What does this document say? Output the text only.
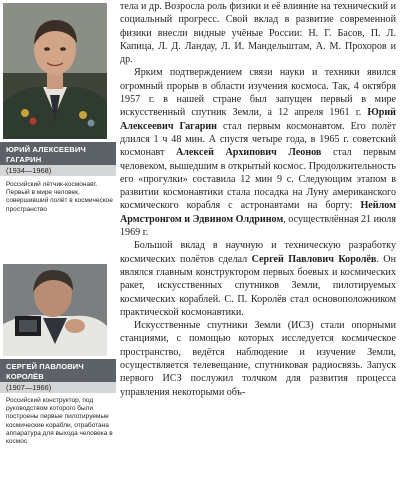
ЮРИЙ АЛЕКСЕЕВИЧ ГАГАРИН
(1934—1968)
Российский лётчик-космонавт. Первый в мире человек, совершивший полёт в космическое пространство
СЕРГЕЙ ПАВЛОВИЧ КОРОЛЁВ
(1907—1966)
Российский конструктор, под руководством которого были построены первые пилотируемые космические корабли, отработана аппаратура для выхода человека в космос

тела и др. Возросла роль физики и её влияние на технический и социальный прогресс. Свой вклад в развитие современной физики внесли видные учёные России: Н. Г. Басов, П. Л. Капица, Л. Д. Ландау, Л. И. Мандельштам, А. М. Прохоров и др.

Ярким подтверждением связи науки и техники явился огромный прорыв в области изучения космоса. Так, 4 октября 1957 г. в нашей стране был запущен первый в мире искусственный спутник Земли, а 12 апреля 1961 г. Юрий Алексеевич Гагарин стал первым космонавтом. Его полёт длился 1 ч 48 мин. А спустя четыре года, в 1965 г. советский космонавт Алексей Архипович Леонов стал первым человеком, вышедшим в открытый космос. Продолжительность его «прогулки» составила 12 мин 9 с. Следующим этапом в развитии космонавтики стала посадка на Луну американского космического корабля с астронавтами на борту: Нейлом Армстронгом и Эдвином Олдрином, осуществлённая 21 июля 1969 г.

Большой вклад в научную и техническую разработку космических полётов сделал Сергей Павлович Королёв. Он являлся главным конструктором первых боевых и космических ракет, искусственных спутников Земли, пилотируемых космических кораблей. С. П. Королёв стал основоположником практической космонавтики.

Искусственные спутники Земли (ИСЗ) стали опорными станциями, с помощью которых исследуется космическое пространство, ведётся наблюдение и изучение Земли, осуществляется телевещание, спутниковая радиосвязь. Запуск первого ИСЗ послужил толчком для развития процесса управления некоторыми объ-
